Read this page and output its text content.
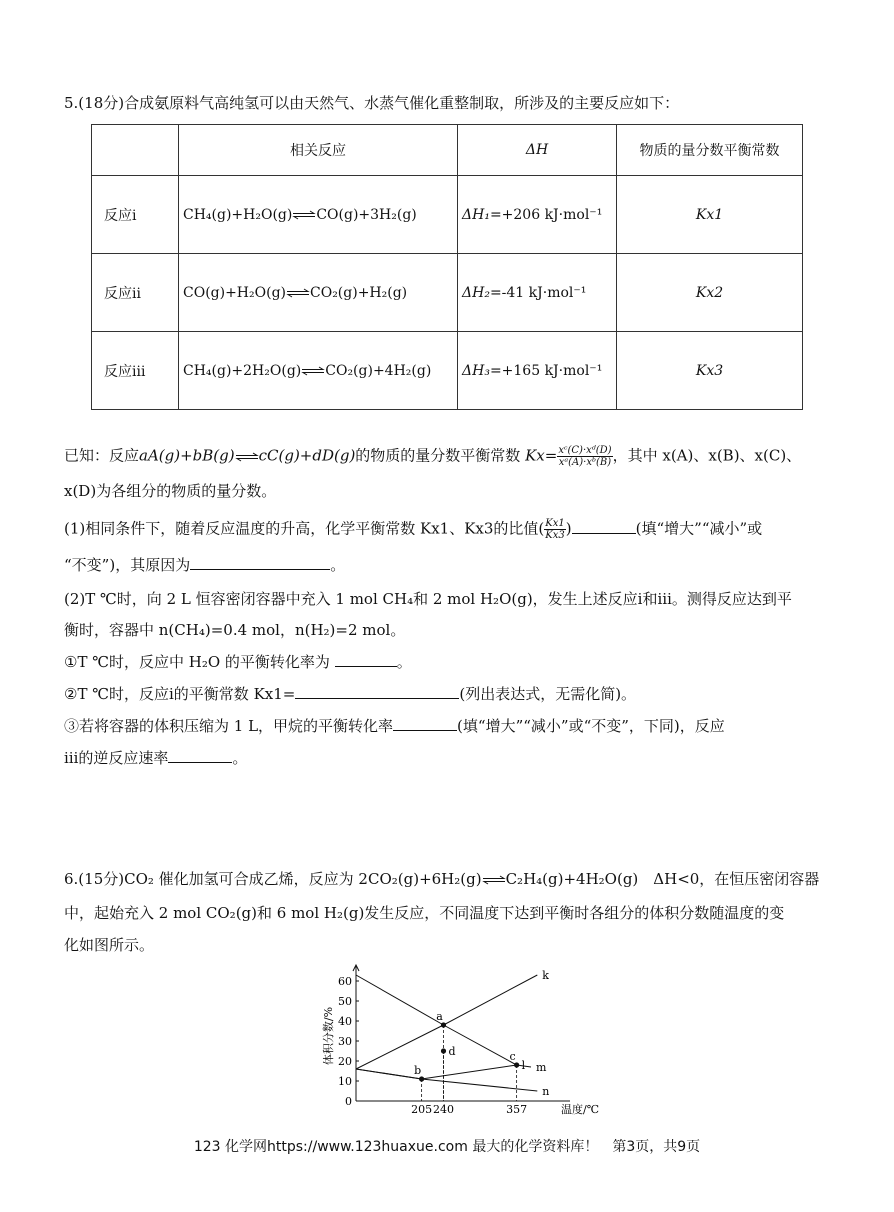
5.(18分)合成氨原料气高纯氢可以由天然气、水蒸气催化重整制取，所涉及的主要反应如下：
	相关反应	ΔH	物质的量分数平衡常数
反应ⅰ	CH₄(g)+H₂O(g)⇌CO(g)+3H₂(g)	ΔH₁=+206 kJ·mol⁻¹	Kx1
反应ⅱ	CO(g)+H₂O(g)⇌CO₂(g)+H₂(g)	ΔH₂=-41 kJ·mol⁻¹	Kx2
反应ⅲ	CH₄(g)+2H₂O(g)⇌CO₂(g)+4H₂(g)	ΔH₃=+165 kJ·mol⁻¹	Kx3
已知：反应aA(g)+bB(g)⇌cC(g)+dD(g)的物质的量分数平衡常数 $Kx= \frac{\text{xᶜ(C)·xᵈ(D)}}{\text{xᵃ(A)·xᵇ(B)}}$ ，其中 x(A)、x(B)、x(C)、
x(D)为各组分的物质的量分数。
(1)相同条件下，随着反应温度的升高，化学平衡常数 Kx1、Kx3的比值( $\frac{Kx1}{Kx3}$ )	(填“增大”“减小”或
“不变”)，其原因为	。
(2)T ℃时，向 2 L 恒容密闭容器中充入 1 mol CH₄和 2 mol H₂O(g)，发生上述反应ⅰ和ⅲ。测得反应达到平
衡时，容器中 n(CH₄)=0.4 mol，n(H₂)=2 mol。
①T ℃时，反应中 H₂O 的平衡转化率为	。
②T ℃时，反应ⅰ的平衡常数 Kx1=	(列出表达式，无需化简)。
③若将容器的体积压缩为 1 L，甲烷的平衡转化率	(填“增大”“减小”或“不变”，下同)，反应
ⅲ的逆反应速率	。
6.(15分)CO₂ 催化加氢可合成乙烯，反应为 2CO₂(g)+6H₂(g)⇌C₂H₄(g)+4H₂O(g)　ΔH<0，在恒压密闭容器
中，起始充入 2 mol CO₂(g)和 6 mol H₂(g)发生反应，不同温度下达到平衡时各组分的体积分数随温度的变
化如图所示。
0
10
20
30
40
50
60
205 240	357
体积分数/%
温度/℃
k
l m
n
a
b
c
d
123 化学网https://www.123huaxue.com 最大的化学资料库！　第3页，共9页
